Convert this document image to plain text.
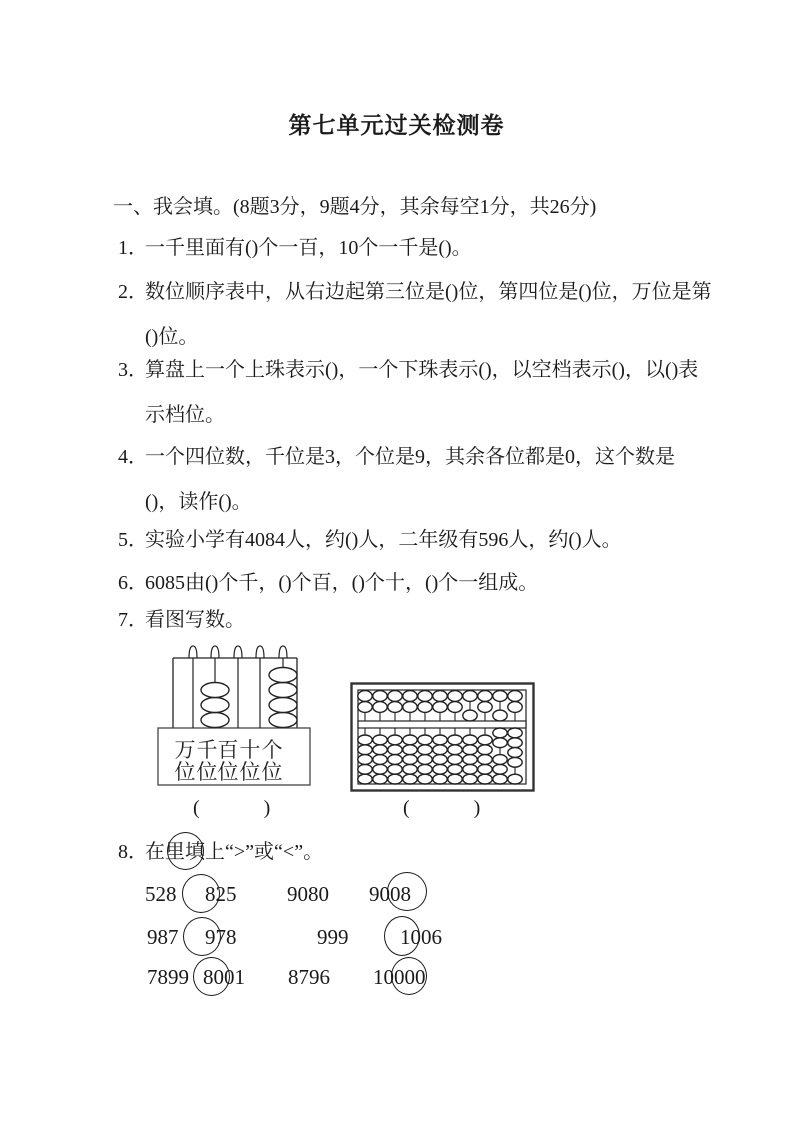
第七单元过关检测卷
一、我会填。(8题3分，9题4分，其余每空1分，共26分)
1．一千里面有()个一百，10个一千是()。
2．数位顺序表中，从右边起第三位是()位，第四位是()位，万位是第
()位。
3．算盘上一个上珠表示()，一个下珠表示()，以空档表示()，以()表
示档位。
4．一个四位数，千位是3，个位是9，其余各位都是0，这个数是
()，读作()。
5．实验小学有4084人，约()人，二年级有596人，约()人。
6．6085由()个千，()个百，()个十，()个一组成。
7．看图写数。
万 千 百 十 个
位 位 位 位 位
(　　　)	(　　　)
8．在里填上“>”或“<”。
528 825 9080 9008
987 978	999 1006
7899 8001 8796 10000
